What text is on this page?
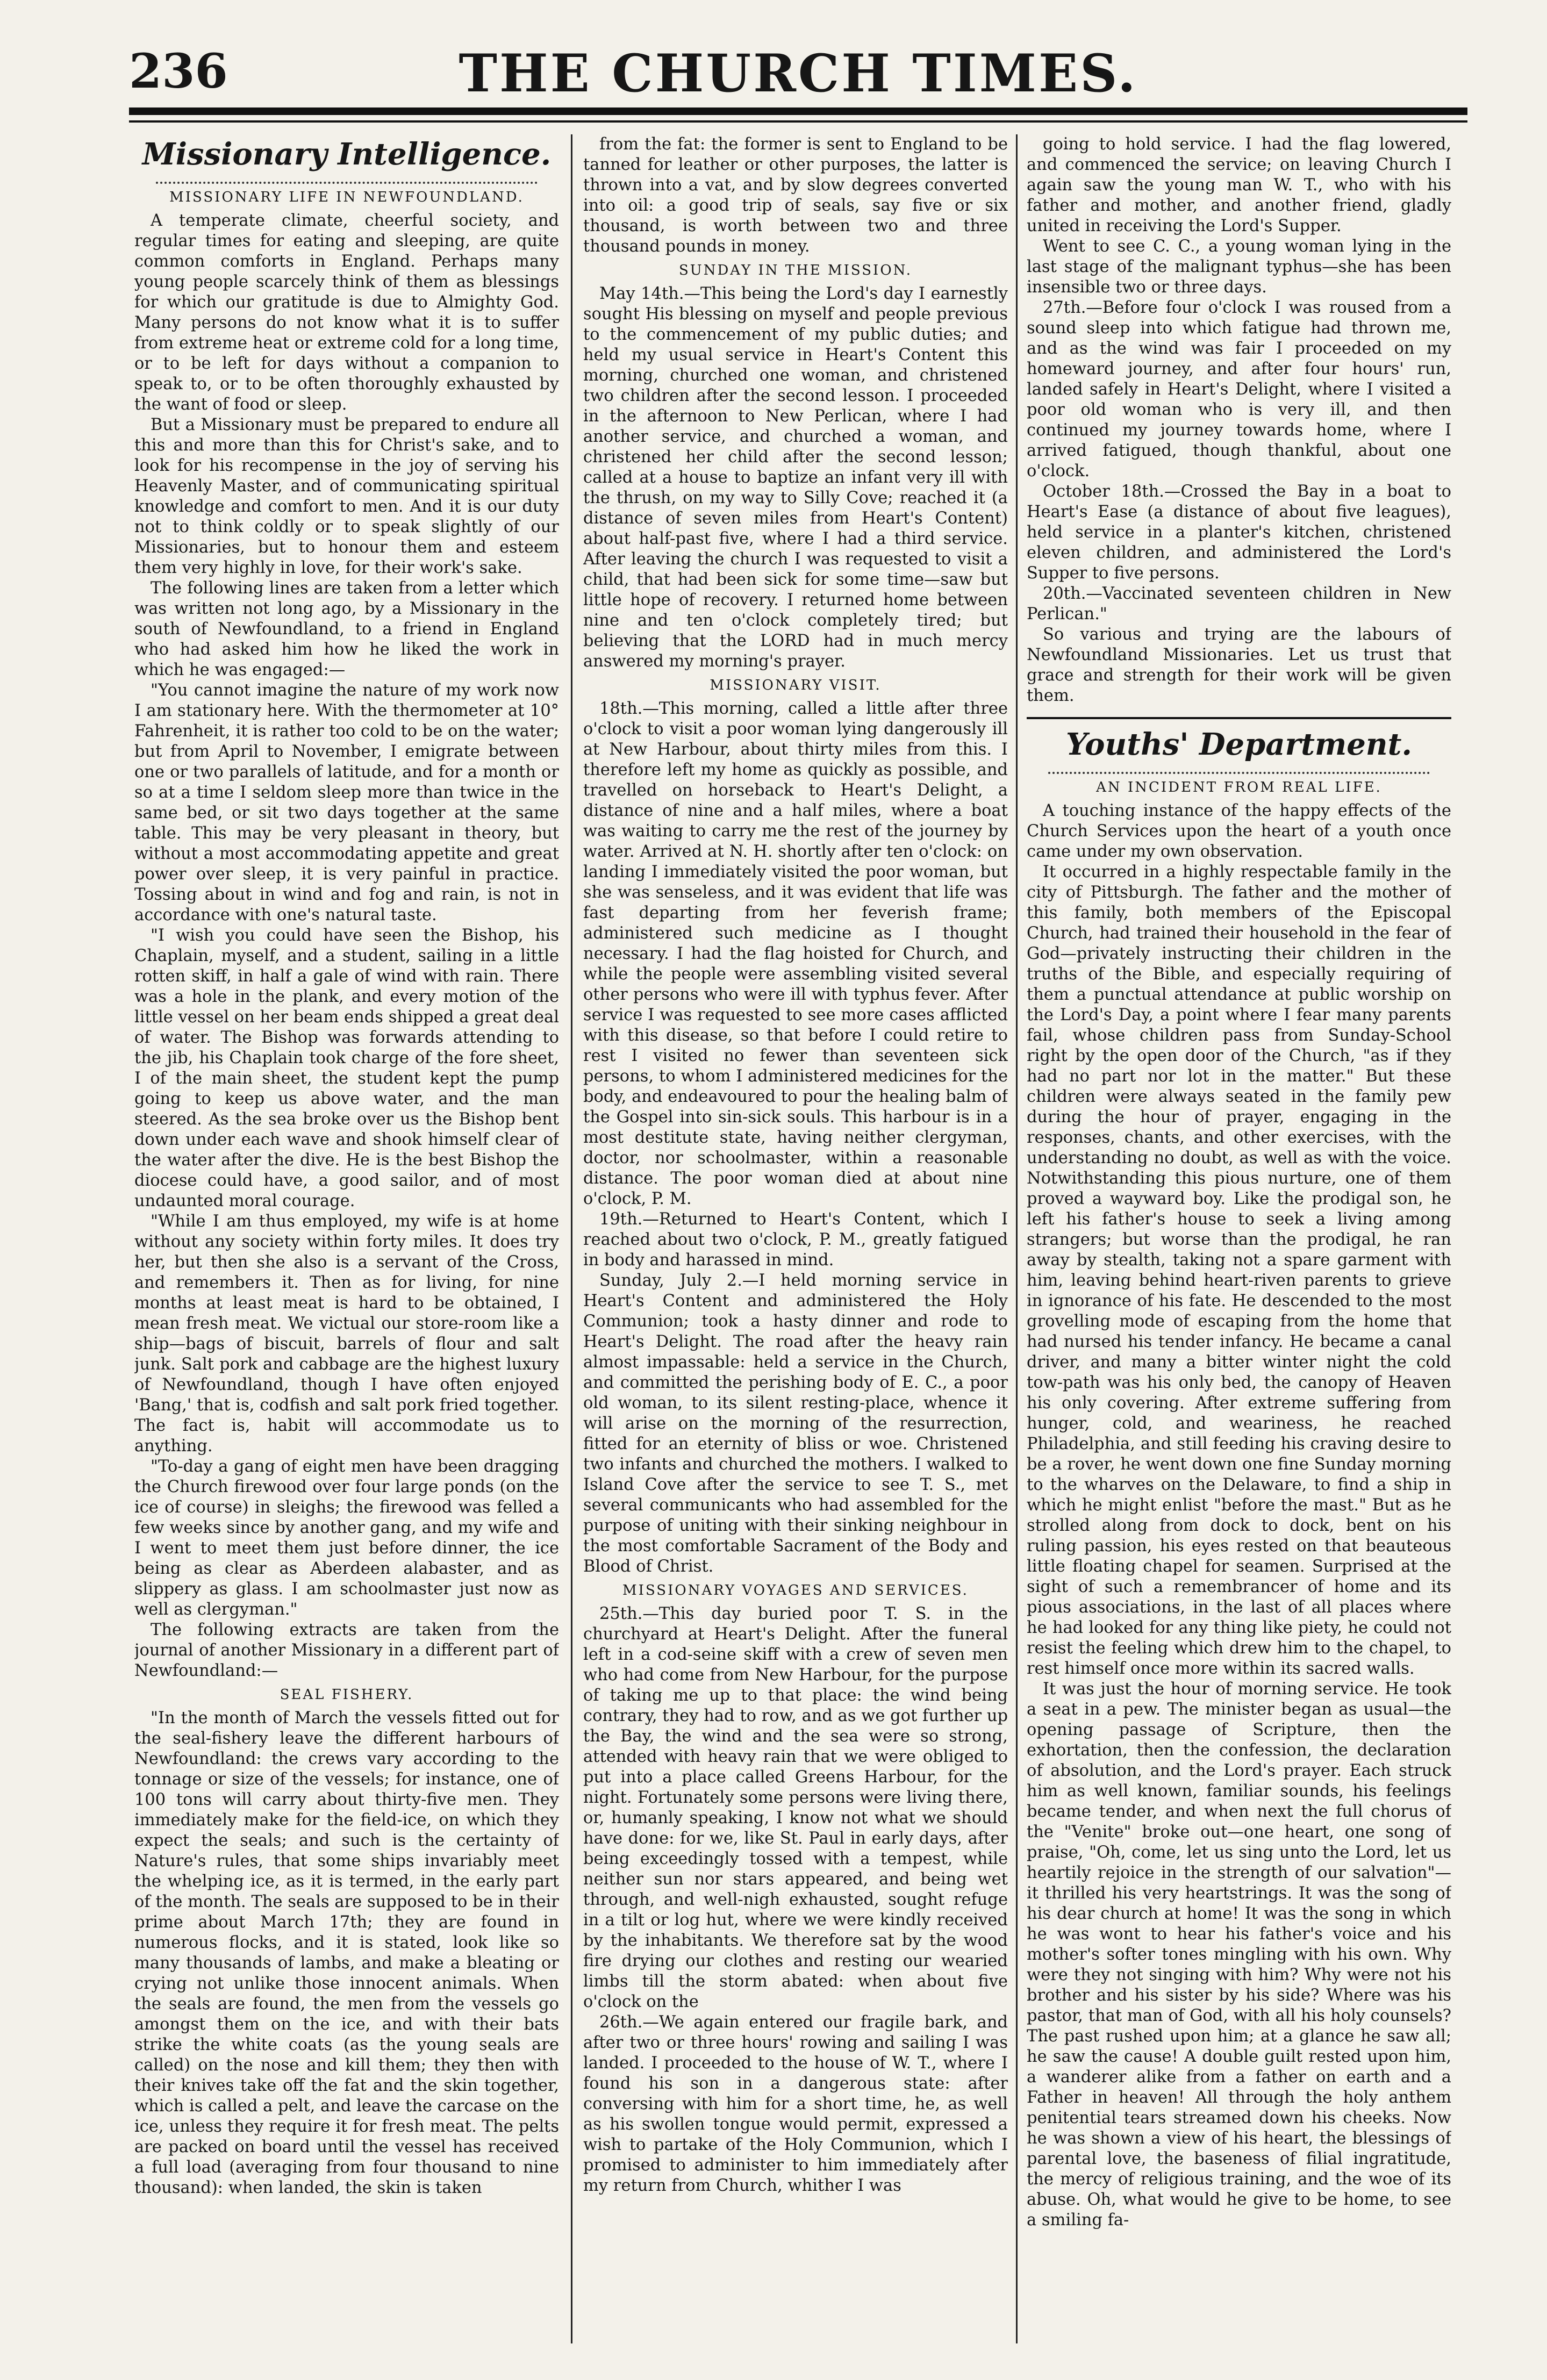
236	THE CHURCH TIMES.
Missionary Intelligence.
MISSIONARY LIFE IN NEWFOUNDLAND.

A temperate climate, cheerful society, and regular times for eating and sleeping, are quite common comforts in England. Perhaps many young people scarcely think of them as blessings for which our gratitude is due to Almighty God. Many persons do not know what it is to suffer from extreme heat or extreme cold for a long time, or to be left for days without a companion to speak to, or to be often thoroughly exhausted by the want of food or sleep.

But a Missionary must be prepared to endure all this and more than this for Christ's sake, and to look for his recompense in the joy of serving his Heavenly Master, and of communicating spiritual knowledge and comfort to men. And it is our duty not to think coldly or to speak slightly of our Missionaries, but to honour them and esteem them very highly in love, for their work's sake.

The following lines are taken from a letter which was written not long ago, by a Missionary in the south of Newfoundland, to a friend in England who had asked him how he liked the work in which he was engaged:—

"You cannot imagine the nature of my work now I am stationary here. With the thermometer at 10° Fahrenheit, it is rather too cold to be on the water; but from April to November, I emigrate between one or two parallels of latitude, and for a month or so at a time I seldom sleep more than twice in the same bed, or sit two days together at the same table. This may be very pleasant in theory, but without a most accommodating appetite and great power over sleep, it is very painful in practice. Tossing about in wind and fog and rain, is not in accordance with one's natural taste.

"I wish you could have seen the Bishop, his Chaplain, myself, and a student, sailing in a little rotten skiff, in half a gale of wind with rain. There was a hole in the plank, and every motion of the little vessel on her beam ends shipped a great deal of water. The Bishop was forwards attending to the jib, his Chaplain took charge of the fore sheet, I of the main sheet, the student kept the pump going to keep us above water, and the man steered. As the sea broke over us the Bishop bent down under each wave and shook himself clear of the water after the dive. He is the best Bishop the diocese could have, a good sailor, and of most undaunted moral courage.

"While I am thus employed, my wife is at home without any society within forty miles. It does try her, but then she also is a servant of the Cross, and remembers it. Then as for living, for nine months at least meat is hard to be obtained, I mean fresh meat. We victual our store-room like a ship—bags of biscuit, barrels of flour and salt junk. Salt pork and cabbage are the highest luxury of Newfoundland, though I have often enjoyed 'Bang,' that is, codfish and salt pork fried together. The fact is, habit will accommodate us to anything.

"To-day a gang of eight men have been dragging the Church firewood over four large ponds (on the ice of course) in sleighs; the firewood was felled a few weeks since by another gang, and my wife and I went to meet them just before dinner, the ice being as clear as Aberdeen alabaster, and as slippery as glass. I am schoolmaster just now as well as clergyman."

The following extracts are taken from the journal of another Missionary in a different part of Newfoundland:—

SEAL FISHERY.

"In the month of March the vessels fitted out for the seal-fishery leave the different harbours of Newfoundland: the crews vary according to the tonnage or size of the vessels; for instance, one of 100 tons will carry about thirty-five men. They immediately make for the field-ice, on which they expect the seals; and such is the certainty of Nature's rules, that some ships invariably meet the whelping ice, as it is termed, in the early part of the month. The seals are supposed to be in their prime about March 17th; they are found in numerous flocks, and it is stated, look like so many thousands of lambs, and make a bleating or crying not unlike those innocent animals. When the seals are found, the men from the vessels go amongst them on the ice, and with their bats strike the white coats (as the young seals are called) on the nose and kill them; they then with their knives take off the fat and the skin together, which is called a pelt, and leave the carcase on the ice, unless they require it for fresh meat. The pelts are packed on board until the vessel has received a full load (averaging from four thousand to nine thousand): when landed, the skin is taken

from the fat: the former is sent to England to be tanned for leather or other purposes, the latter is thrown into a vat, and by slow degrees converted into oil: a good trip of seals, say five or six thousand, is worth between two and three thousand pounds in money.

SUNDAY IN THE MISSION.

May 14th.—This being the Lord's day I earnestly sought His blessing on myself and people previous to the commencement of my public duties; and held my usual service in Heart's Content this morning, churched one woman, and christened two children after the second lesson. I proceeded in the afternoon to New Perlican, where I had another service, and churched a woman, and christened her child after the second lesson; called at a house to baptize an infant very ill with the thrush, on my way to Silly Cove; reached it (a distance of seven miles from Heart's Content) about half-past five, where I had a third service. After leaving the church I was requested to visit a child, that had been sick for some time—saw but little hope of recovery. I returned home between nine and ten o'clock completely tired; but believing that the LORD had in much mercy answered my morning's prayer.

MISSIONARY VISIT.

18th.—This morning, called a little after three o'clock to visit a poor woman lying dangerously ill at New Harbour, about thirty miles from this. I therefore left my home as quickly as possible, and travelled on horseback to Heart's Delight, a distance of nine and a half miles, where a boat was waiting to carry me the rest of the journey by water. Arrived at N. H. shortly after ten o'clock: on landing I immediately visited the poor woman, but she was senseless, and it was evident that life was fast departing from her feverish frame; administered such medicine as I thought necessary. I had the flag hoisted for Church, and while the people were assembling visited several other persons who were ill with typhus fever. After service I was requested to see more cases afflicted with this disease, so that before I could retire to rest I visited no fewer than seventeen sick persons, to whom I administered medicines for the body, and endeavoured to pour the healing balm of the Gospel into sin-sick souls. This harbour is in a most destitute state, having neither clergyman, doctor, nor schoolmaster, within a reasonable distance. The poor woman died at about nine o'clock, P. M.

19th.—Returned to Heart's Content, which I reached about two o'clock, P. M., greatly fatigued in body and harassed in mind.

Sunday, July 2.—I held morning service in Heart's Content and administered the Holy Communion; took a hasty dinner and rode to Heart's Delight. The road after the heavy rain almost impassable: held a service in the Church, and committed the perishing body of E. C., a poor old woman, to its silent resting-place, whence it will arise on the morning of the resurrection, fitted for an eternity of bliss or woe. Christened two infants and churched the mothers. I walked to Island Cove after the service to see T. S., met several communicants who had assembled for the purpose of uniting with their sinking neighbour in the most comfortable Sacrament of the Body and Blood of Christ.

MISSIONARY VOYAGES AND SERVICES.

25th.—This day buried poor T. S. in the churchyard at Heart's Delight. After the funeral left in a cod-seine skiff with a crew of seven men who had come from New Harbour, for the purpose of taking me up to that place: the wind being contrary, they had to row, and as we got further up the Bay, the wind and the sea were so strong, attended with heavy rain that we were obliged to put into a place called Greens Harbour, for the night. Fortunately some persons were living there, or, humanly speaking, I know not what we should have done: for we, like St. Paul in early days, after being exceedingly tossed with a tempest, while neither sun nor stars appeared, and being wet through, and well-nigh exhausted, sought refuge in a tilt or log hut, where we were kindly received by the inhabitants. We therefore sat by the wood fire drying our clothes and resting our wearied limbs till the storm abated: when about five o'clock on the

26th.—We again entered our fragile bark, and after two or three hours' rowing and sailing I was landed. I proceeded to the house of W. T., where I found his son in a dangerous state: after conversing with him for a short time, he, as well as his swollen tongue would permit, expressed a wish to partake of the Holy Communion, which I promised to administer to him immediately after my return from Church, whither I was

going to hold service. I had the flag lowered, and commenced the service; on leaving Church I again saw the young man W. T., who with his father and mother, and another friend, gladly united in receiving the Lord's Supper.

Went to see C. C., a young woman lying in the last stage of the malignant typhus—she has been insensible two or three days.

27th.—Before four o'clock I was roused from a sound sleep into which fatigue had thrown me, and as the wind was fair I proceeded on my homeward journey, and after four hours' run, landed safely in Heart's Delight, where I visited a poor old woman who is very ill, and then continued my journey towards home, where I arrived fatigued, though thankful, about one o'clock.

October 18th.—Crossed the Bay in a boat to Heart's Ease (a distance of about five leagues), held service in a planter's kitchen, christened eleven children, and administered the Lord's Supper to five persons.

20th.—Vaccinated seventeen children in New Perlican."

So various and trying are the labours of Newfoundland Missionaries. Let us trust that grace and strength for their work will be given them.

Youths' Department.
AN INCIDENT FROM REAL LIFE.

A touching instance of the happy effects of the Church Services upon the heart of a youth once came under my own observation.

It occurred in a highly respectable family in the city of Pittsburgh. The father and the mother of this family, both members of the Episcopal Church, had trained their household in the fear of God—privately instructing their children in the truths of the Bible, and especially requiring of them a punctual attendance at public worship on the Lord's Day, a point where I fear many parents fail, whose children pass from Sunday-School right by the open door of the Church, "as if they had no part nor lot in the matter." But these children were always seated in the family pew during the hour of prayer, engaging in the responses, chants, and other exercises, with the understanding no doubt, as well as with the voice. Notwithstanding this pious nurture, one of them proved a wayward boy. Like the prodigal son, he left his father's house to seek a living among strangers; but worse than the prodigal, he ran away by stealth, taking not a spare garment with him, leaving behind heart-riven parents to grieve in ignorance of his fate. He descended to the most grovelling mode of escaping from the home that had nursed his tender infancy. He became a canal driver, and many a bitter winter night the cold tow-path was his only bed, the canopy of Heaven his only covering. After extreme suffering from hunger, cold, and weariness, he reached Philadelphia, and still feeding his craving desire to be a rover, he went down one fine Sunday morning to the wharves on the Delaware, to find a ship in which he might enlist "before the mast." But as he strolled along from dock to dock, bent on his ruling passion, his eyes rested on that beauteous little floating chapel for seamen. Surprised at the sight of such a remembrancer of home and its pious associations, in the last of all places where he had looked for any thing like piety, he could not resist the feeling which drew him to the chapel, to rest himself once more within its sacred walls.

It was just the hour of morning service. He took a seat in a pew. The minister began as usual—the opening passage of Scripture, then the exhortation, then the confession, the declaration of absolution, and the Lord's prayer. Each struck him as well known, familiar sounds, his feelings became tender, and when next the full chorus of the "Venite" broke out—one heart, one song of praise, "Oh, come, let us sing unto the Lord, let us heartily rejoice in the strength of our salvation"—it thrilled his very heartstrings. It was the song of his dear church at home! It was the song in which he was wont to hear his father's voice and his mother's softer tones mingling with his own. Why were they not singing with him? Why were not his brother and his sister by his side? Where was his pastor, that man of God, with all his holy counsels? The past rushed upon him; at a glance he saw all; he saw the cause! A double guilt rested upon him, a wanderer alike from a father on earth and a Father in heaven! All through the holy anthem penitential tears streamed down his cheeks. Now he was shown a view of his heart, the blessings of parental love, the baseness of filial ingratitude, the mercy of religious training, and the woe of its abuse. Oh, what would he give to be home, to see a smiling fa-
